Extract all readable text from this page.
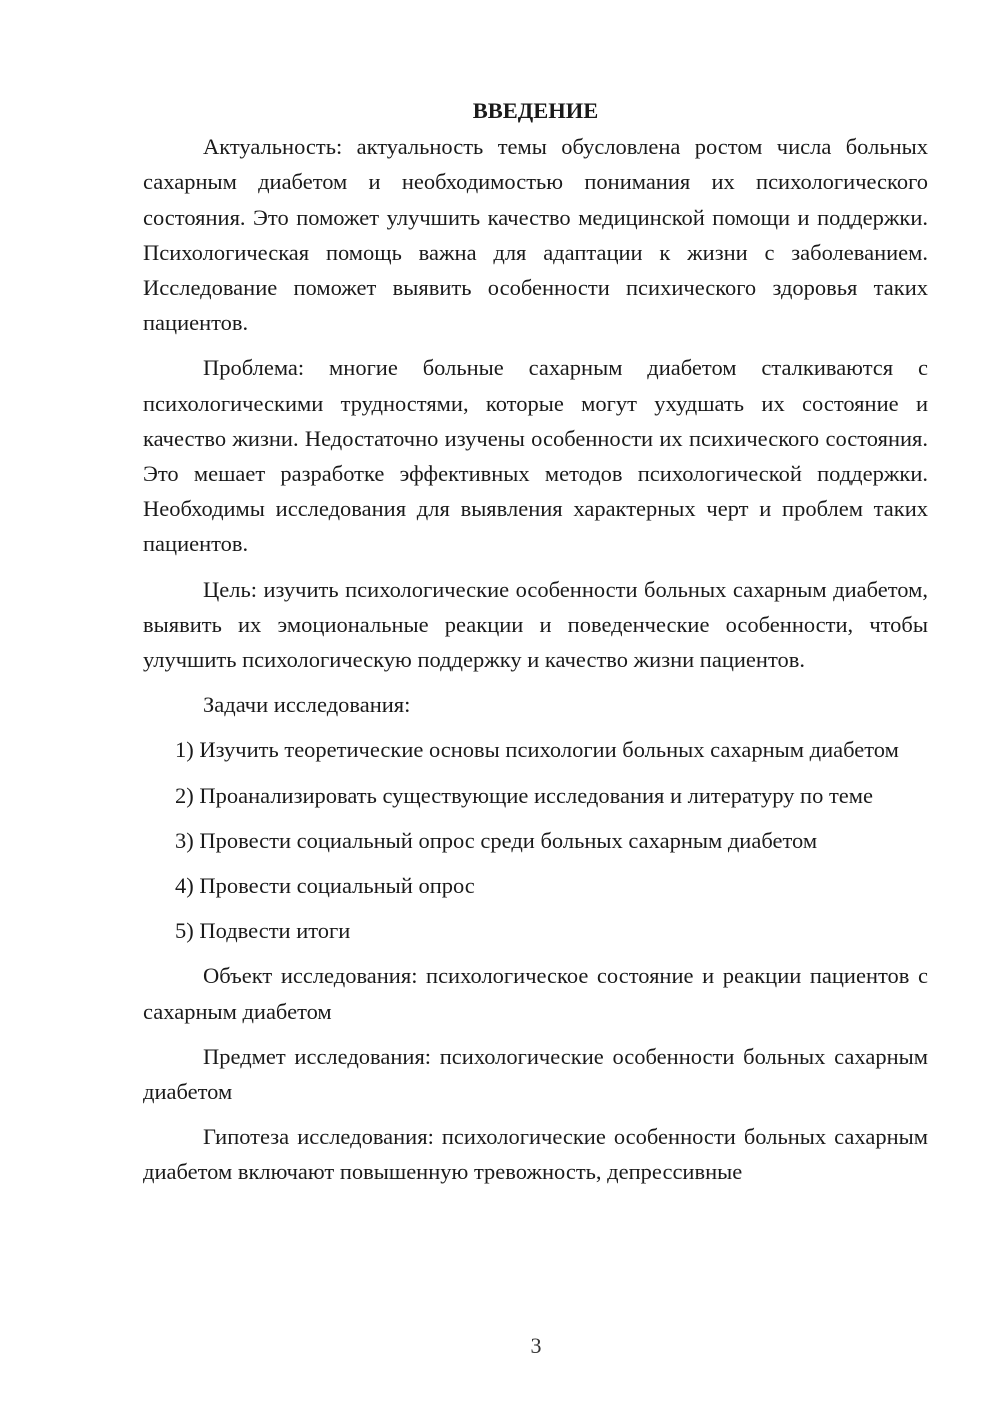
ВВЕДЕНИЕ

Актуальность: актуальность темы обусловлена ростом числа больных сахарным диабетом и необходимостью понимания их психологического состояния. Это поможет улучшить качество медицинской помощи и поддержки. Психологическая помощь важна для адаптации к жизни с заболеванием. Исследование поможет выявить особенности психического здоровья таких пациентов.

Проблема: многие больные сахарным диабетом сталкиваются с психологическими трудностями, которые могут ухудшать их состояние и качество жизни. Недостаточно изучены особенности их психического состояния. Это мешает разработке эффективных методов психологической поддержки. Необходимы исследования для выявления характерных черт и проблем таких пациентов.

Цель: изучить психологические особенности больных сахарным диабетом, выявить их эмоциональные реакции и поведенческие особенности, чтобы улучшить психологическую поддержку и качество жизни пациентов.

Задачи исследования:

1) Изучить теоретические основы психологии больных сахарным диабетом

2) Проанализировать существующие исследования и литературу по теме

3) Провести социальный опрос среди больных сахарным диабетом

4) Провести социальный опрос

5) Подвести итоги

Объект исследования: психологическое состояние и реакции пациентов с сахарным диабетом

Предмет исследования: психологические особенности больных сахарным диабетом

Гипотеза исследования: психологические особенности больных сахарным диабетом включают повышенную тревожность, депрессивные

3
